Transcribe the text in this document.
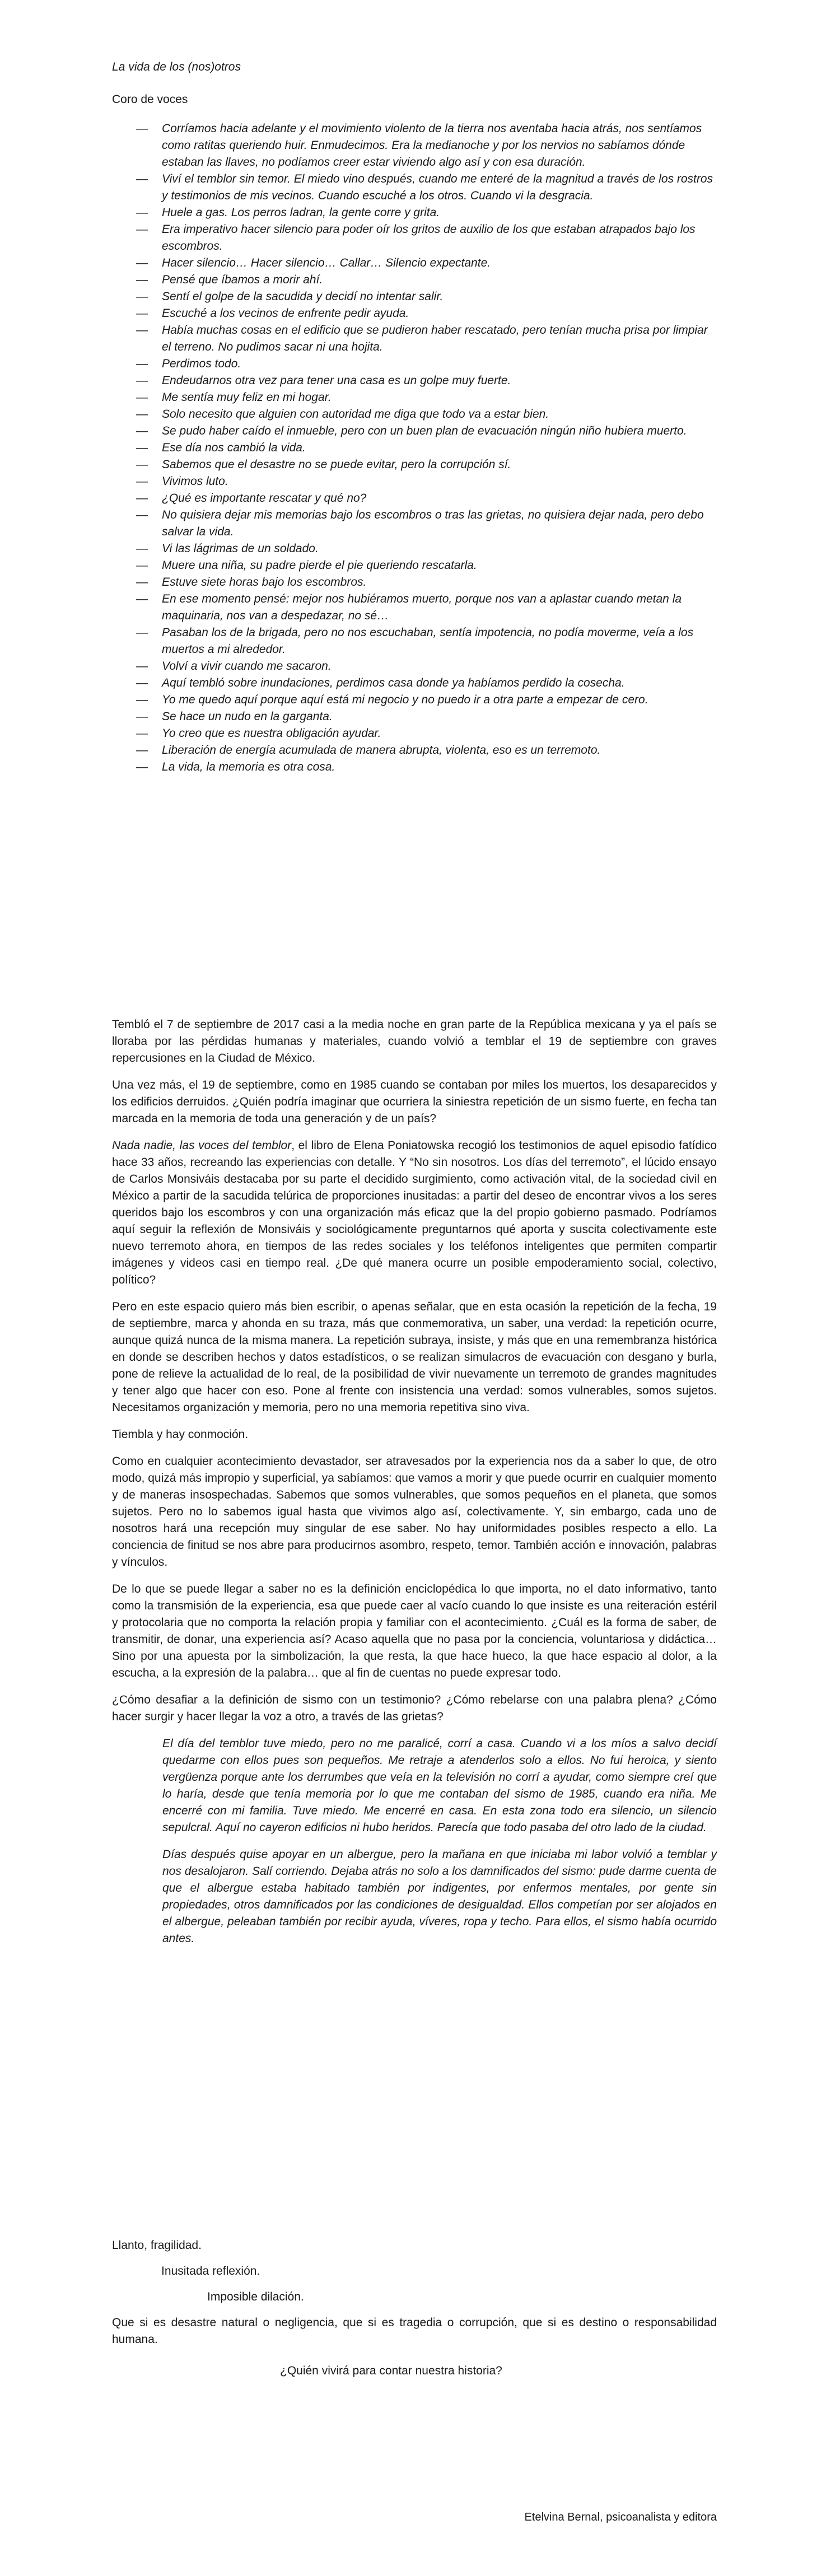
La vida de los (nos)otros

Coro de voces

— Corríamos hacia adelante y el movimiento violento de la tierra nos aventaba hacia atrás, nos sentíamos como ratitas queriendo huir. Enmudecimos. Era la medianoche y por los nervios no sabíamos dónde estaban las llaves, no podíamos creer estar viviendo algo así y con esa duración.
— Viví el temblor sin temor. El miedo vino después, cuando me enteré de la magnitud a través de los rostros y testimonios de mis vecinos. Cuando escuché a los otros. Cuando vi la desgracia.
— Huele a gas. Los perros ladran, la gente corre y grita.
— Era imperativo hacer silencio para poder oír los gritos de auxilio de los que estaban atrapados bajo los escombros.
— Hacer silencio… Hacer silencio… Callar… Silencio expectante.
— Pensé que íbamos a morir ahí.
— Sentí el golpe de la sacudida y decidí no intentar salir.
— Escuché a los vecinos de enfrente pedir ayuda.
— Había muchas cosas en el edificio que se pudieron haber rescatado, pero tenían mucha prisa por limpiar el terreno. No pudimos sacar ni una hojita.
— Perdimos todo.
— Endeudarnos otra vez para tener una casa es un golpe muy fuerte.
— Me sentía muy feliz en mi hogar.
— Solo necesito que alguien con autoridad me diga que todo va a estar bien.
— Se pudo haber caído el inmueble, pero con un buen plan de evacuación ningún niño hubiera muerto.
— Ese día nos cambió la vida.
— Sabemos que el desastre no se puede evitar, pero la corrupción sí.
— Vivimos luto.
— ¿Qué es importante rescatar y qué no?
— No quisiera dejar mis memorias bajo los escombros o tras las grietas, no quisiera dejar nada, pero debo salvar la vida.
— Vi las lágrimas de un soldado.
— Muere una niña, su padre pierde el pie queriendo rescatarla.
— Estuve siete horas bajo los escombros.
— En ese momento pensé: mejor nos hubiéramos muerto, porque nos van a aplastar cuando metan la maquinaria, nos van a despedazar, no sé…
— Pasaban los de la brigada, pero no nos escuchaban, sentía impotencia, no podía moverme, veía a los muertos a mi alrededor.
— Volví a vivir cuando me sacaron.
— Aquí tembló sobre inundaciones, perdimos casa donde ya habíamos perdido la cosecha.
— Yo me quedo aquí porque aquí está mi negocio y no puedo ir a otra parte a empezar de cero.
— Se hace un nudo en la garganta.
— Yo creo que es nuestra obligación ayudar.
— Liberación de energía acumulada de manera abrupta, violenta, eso es un terremoto.
— La vida, la memoria es otra cosa.

Tembló el 7 de septiembre de 2017 casi a la media noche en gran parte de la República mexicana y ya el país se lloraba por las pérdidas humanas y materiales, cuando volvió a temblar el 19 de septiembre con graves repercusiones en la Ciudad de México.

Una vez más, el 19 de septiembre, como en 1985 cuando se contaban por miles los muertos, los desaparecidos y los edificios derruidos. ¿Quién podría imaginar que ocurriera la siniestra repetición de un sismo fuerte, en fecha tan marcada en la memoria de toda una generación y de un país?

Nada nadie, las voces del temblor, el libro de Elena Poniatowska recogió los testimonios de aquel episodio fatídico hace 33 años, recreando las experiencias con detalle. Y “No sin nosotros. Los días del terremoto”, el lúcido ensayo de Carlos Monsiváis destacaba por su parte el decidido surgimiento, como activación vital, de la sociedad civil en México a partir de la sacudida telúrica de proporciones inusitadas: a partir del deseo de encontrar vivos a los seres queridos bajo los escombros y con una organización más eficaz que la del propio gobierno pasmado. Podríamos aquí seguir la reflexión de Monsiváis y sociológicamente preguntarnos qué aporta y suscita colectivamente este nuevo terremoto ahora, en tiempos de las redes sociales y los teléfonos inteligentes que permiten compartir imágenes y videos casi en tiempo real. ¿De qué manera ocurre un posible empoderamiento social, colectivo, político?

Pero en este espacio quiero más bien escribir, o apenas señalar, que en esta ocasión la repetición de la fecha, 19 de septiembre, marca y ahonda en su traza, más que conmemorativa, un saber, una verdad: la repetición ocurre, aunque quizá nunca de la misma manera. La repetición subraya, insiste, y más que en una remembranza histórica en donde se describen hechos y datos estadísticos, o se realizan simulacros de evacuación con desgano y burla, pone de relieve la actualidad de lo real, de la posibilidad de vivir nuevamente un terremoto de grandes magnitudes y tener algo que hacer con eso. Pone al frente con insistencia una verdad: somos vulnerables, somos sujetos. Necesitamos organización y memoria, pero no una memoria repetitiva sino viva.

Tiembla y hay conmoción.

Como en cualquier acontecimiento devastador, ser atravesados por la experiencia nos da a saber lo que, de otro modo, quizá más impropio y superficial, ya sabíamos: que vamos a morir y que puede ocurrir en cualquier momento y de maneras insospechadas. Sabemos que somos vulnerables, que somos pequeños en el planeta, que somos sujetos. Pero no lo sabemos igual hasta que vivimos algo así, colectivamente. Y, sin embargo, cada uno de nosotros hará una recepción muy singular de ese saber. No hay uniformidades posibles respecto a ello. La conciencia de finitud se nos abre para producirnos asombro, respeto, temor. También acción e innovación, palabras y vínculos.

De lo que se puede llegar a saber no es la definición enciclopédica lo que importa, no el dato informativo, tanto como la transmisión de la experiencia, esa que puede caer al vacío cuando lo que insiste es una reiteración estéril y protocolaria que no comporta la relación propia y familiar con el acontecimiento. ¿Cuál es la forma de saber, de transmitir, de donar, una experiencia así? Acaso aquella que no pasa por la conciencia, voluntariosa y didáctica… Sino por una apuesta por la simbolización, la que resta, la que hace hueco, la que hace espacio al dolor, a la escucha, a la expresión de la palabra… que al fin de cuentas no puede expresar todo.

¿Cómo desafiar a la definición de sismo con un testimonio? ¿Cómo rebelarse con una palabra plena? ¿Cómo hacer surgir y hacer llegar la voz a otro, a través de las grietas?

El día del temblor tuve miedo, pero no me paralicé, corrí a casa. Cuando vi a los míos a salvo decidí quedarme con ellos pues son pequeños. Me retraje a atenderlos solo a ellos. No fui heroica, y siento vergüenza porque ante los derrumbes que veía en la televisión no corrí a ayudar, como siempre creí que lo haría, desde que tenía memoria por lo que me contaban del sismo de 1985, cuando era niña. Me encerré con mi familia. Tuve miedo. Me encerré en casa. En esta zona todo era silencio, un silencio sepulcral. Aquí no cayeron edificios ni hubo heridos. Parecía que todo pasaba del otro lado de la ciudad.

Días después quise apoyar en un albergue, pero la mañana en que iniciaba mi labor volvió a temblar y nos desalojaron. Salí corriendo. Dejaba atrás no solo a los damnificados del sismo: pude darme cuenta de que el albergue estaba habitado también por indigentes, por enfermos mentales, por gente sin propiedades, otros damnificados por las condiciones de desigualdad. Ellos competían por ser alojados en el albergue, peleaban también por recibir ayuda, víveres, ropa y techo. Para ellos, el sismo había ocurrido antes.

Llanto, fragilidad.

Inusitada reflexión.

Imposible dilación.

Que si es desastre natural o negligencia, que si es tragedia o corrupción, que si es destino o responsabilidad humana.

¿Quién vivirá para contar nuestra historia?

Etelvina Bernal, psicoanalista y editora
